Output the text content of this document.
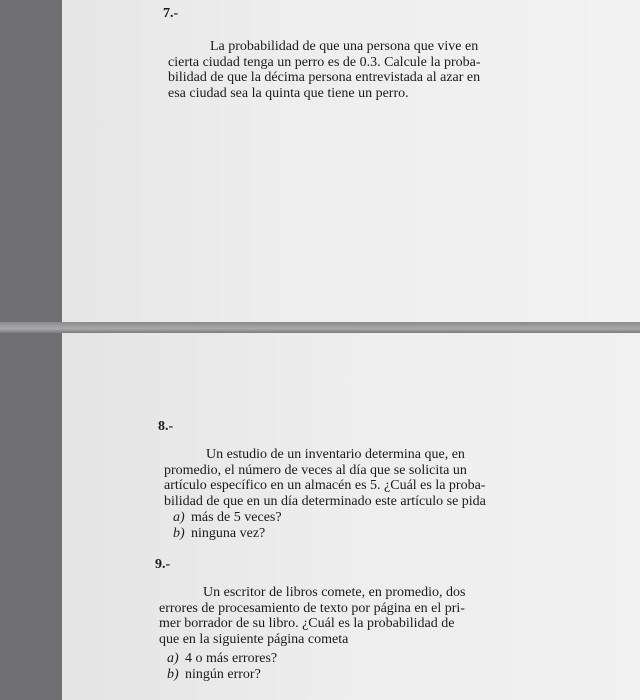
7.-
La probabilidad de que una persona que vive en
cierta ciudad tenga un perro es de 0.3. Calcule la proba-
bilidad de que la décima persona entrevistada al azar en
esa ciudad sea la quinta que tiene un perro.
8.-
Un estudio de un inventario determina que, en
promedio, el número de veces al día que se solicita un
artículo específico en un almacén es 5. ¿Cuál es la proba-
bilidad de que en un día determinado este artículo se pida
a) más de 5 veces?
b) ninguna vez?
9.-
Un escritor de libros comete, en promedio, dos
errores de procesamiento de texto por página en el pri-
mer borrador de su libro. ¿Cuál es la probabilidad de
que en la siguiente página cometa
a) 4 o más errores?
b) ningún error?
